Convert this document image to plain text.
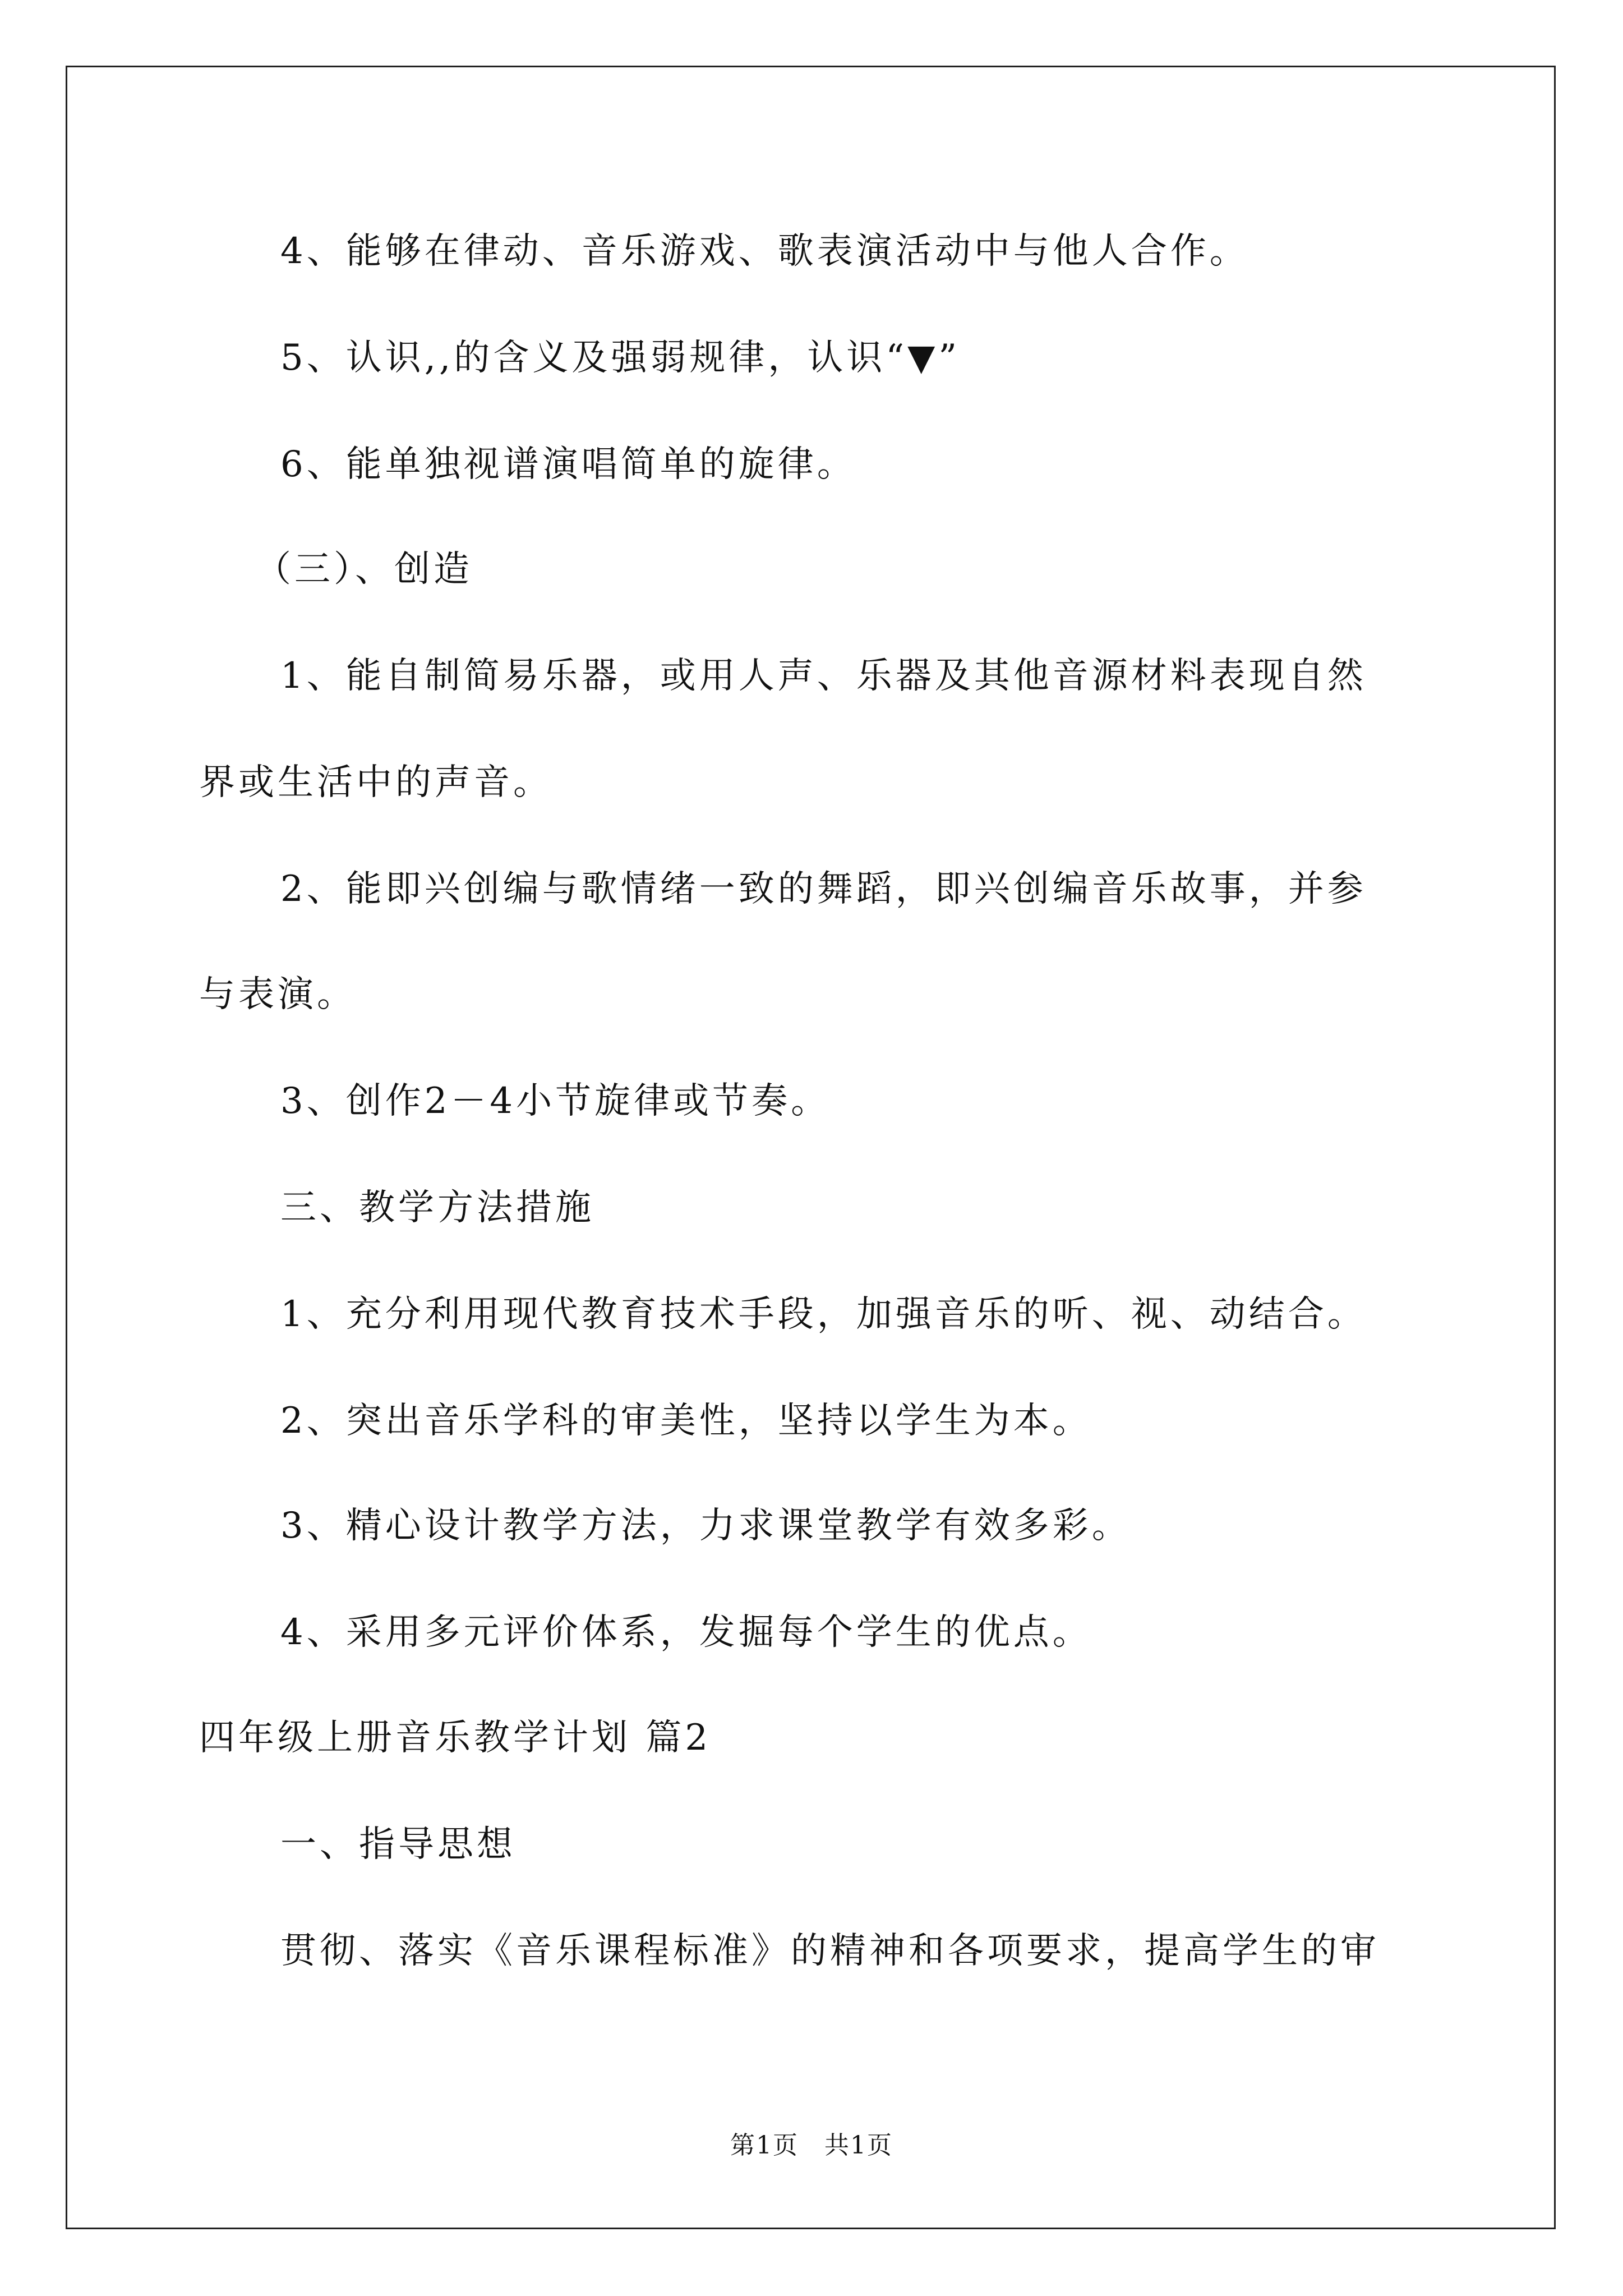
4、能够在律动、音乐游戏、歌表演活动中与他人合作。
5、认识,,的含义及强弱规律，认识“▼”
6、能单独视谱演唱简单的旋律。
（三）、创造
1、能自制简易乐器，或用人声、乐器及其他音源材料表现自然
界或生活中的声音。
2、能即兴创编与歌情绪一致的舞蹈，即兴创编音乐故事，并参
与表演。
3、创作2－4小节旋律或节奏。
三、教学方法措施
1、充分利用现代教育技术手段，加强音乐的听、视、动结合。
2、突出音乐学科的审美性，坚持以学生为本。
3、精心设计教学方法，力求课堂教学有效多彩。
4、采用多元评价体系，发掘每个学生的优点。
四年级上册音乐教学计划 篇2
一、指导思想
贯彻、落实《音乐课程标准》的精神和各项要求，提高学生的审
第1页　共1页
